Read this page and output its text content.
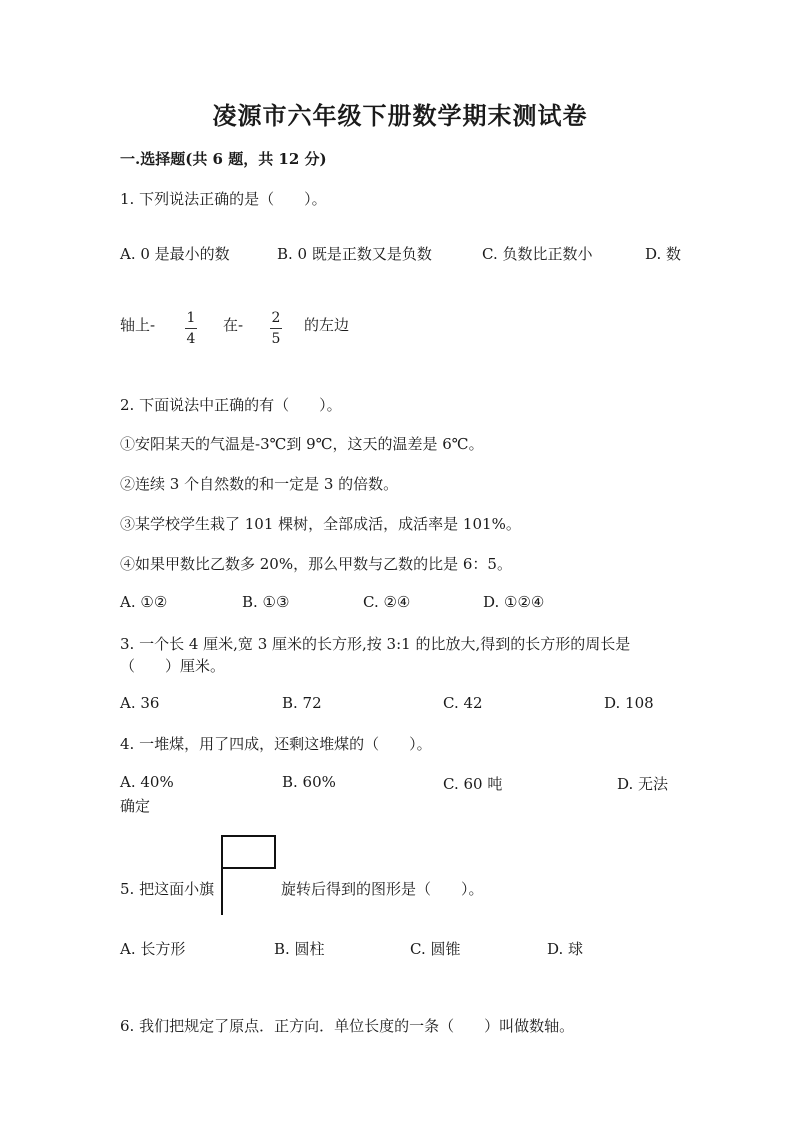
凌源市六年级下册数学期末测试卷
一.选择题(共 6 题，共 12 分)
1. 下列说法正确的是（　　）。
A. 0 是最小的数	B. 0 既是正数又是负数	C. 负数比正数小	D. 数
轴上- 1
4
在- 2
5
的左边
2. 下面说法中正确的有（　　）。
①安阳某天的气温是-3℃到 9℃，这天的温差是 6℃。
②连续 3 个自然数的和一定是 3 的倍数。
③某学校学生栽了 101 棵树，全部成活，成活率是 101%。
④如果甲数比乙数多 20%，那么甲数与乙数的比是 6：5。
A. ①②	B. ①③	C. ②④	D. ①②④
3. 一个长 4 厘米,宽 3 厘米的长方形,按 3:1 的比放大,得到的长方形的周长是
（　　）厘米。
A. 36	B. 72	C. 42	D. 108
4. 一堆煤，用了四成，还剩这堆煤的（　　）。
A. 40%	B. 60%	C. 60 吨	D. 无法
确定
5. 把这面小旗	旋转后得到的图形是（　　）。
A. 长方形	B. 圆柱	C. 圆锥	D. 球
6. 我们把规定了原点．正方向．单位长度的一条（　　）叫做数轴。
